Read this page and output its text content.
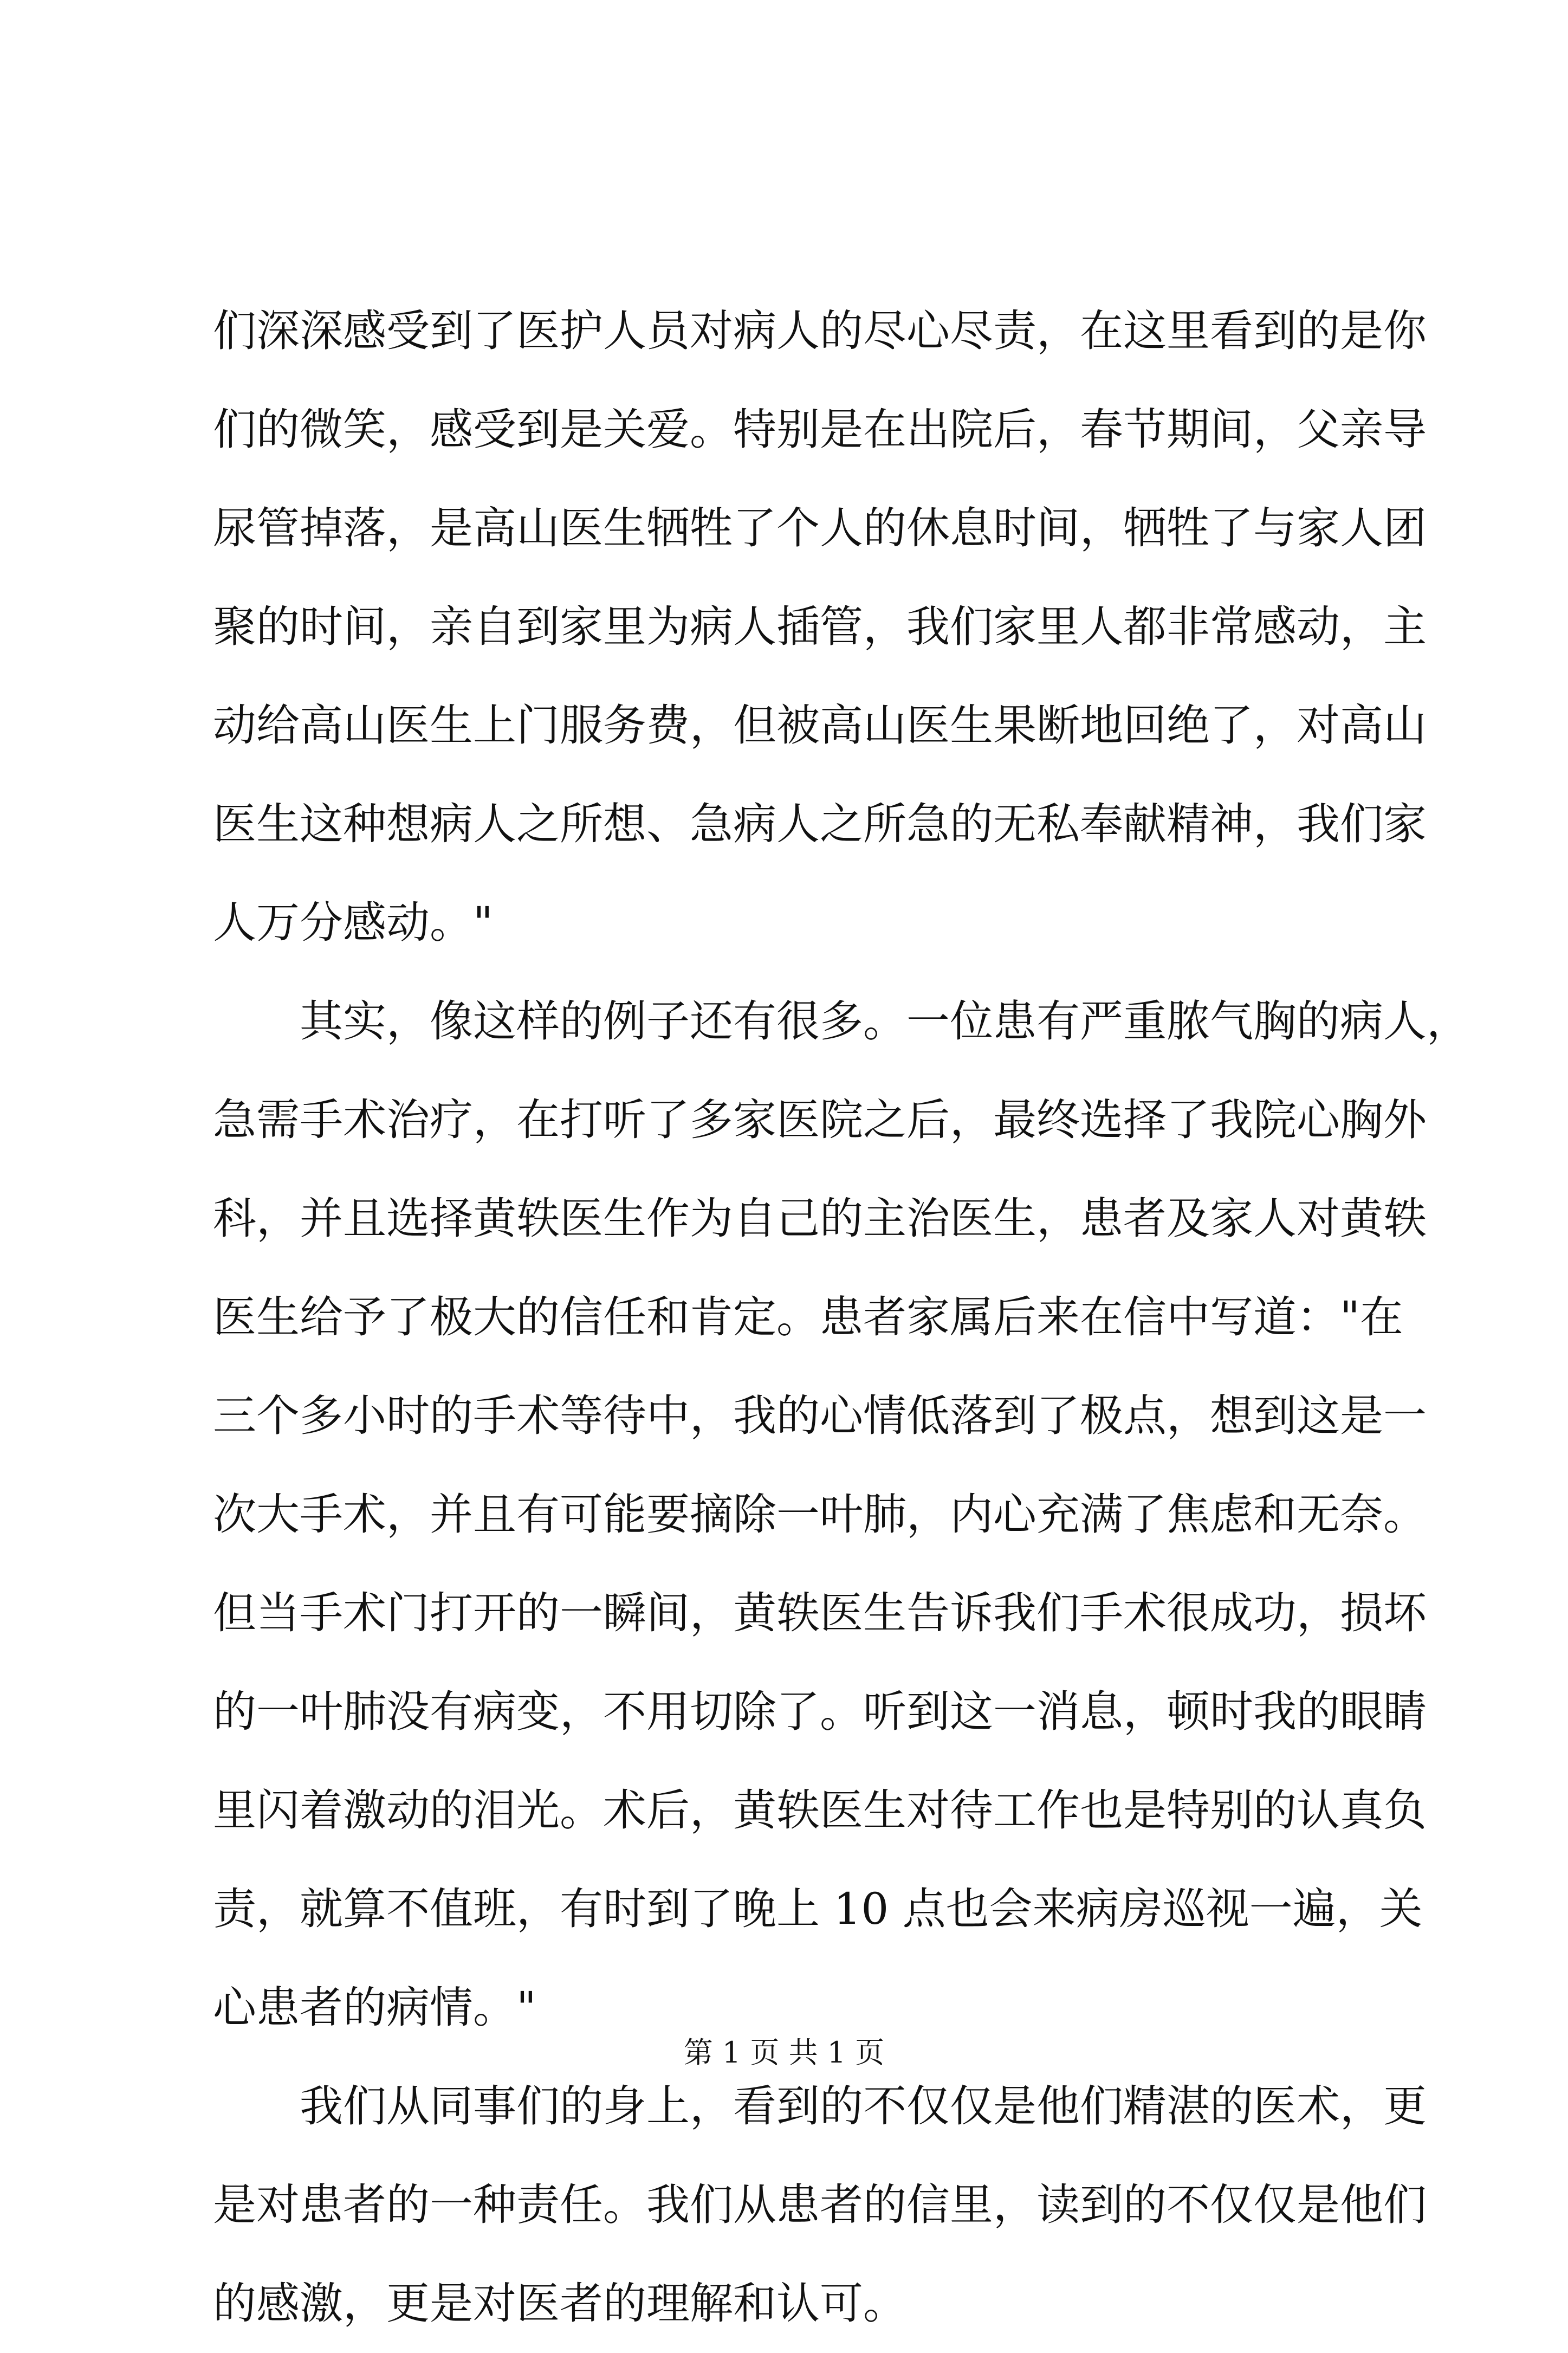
们深深感受到了医护人员对病人的尽心尽责，在这里看到的是你
们的微笑，感受到是关爱。特别是在出院后，春节期间，父亲导
尿管掉落，是高山医生牺牲了个人的休息时间，牺牲了与家人团
聚的时间，亲自到家里为病人插管，我们家里人都非常感动，主
动给高山医生上门服务费，但被高山医生果断地回绝了，对高山
医生这种想病人之所想、急病人之所急的无私奉献精神，我们家
人万分感动。"
其实，像这样的例子还有很多。一位患有严重脓气胸的病人，
急需手术治疗，在打听了多家医院之后，最终选择了我院心胸外
科，并且选择黄轶医生作为自己的主治医生，患者及家人对黄轶
医生给予了极大的信任和肯定。患者家属后来在信中写道："在
三个多小时的手术等待中，我的心情低落到了极点，想到这是一
次大手术，并且有可能要摘除一叶肺，内心充满了焦虑和无奈。
但当手术门打开的一瞬间，黄轶医生告诉我们手术很成功，损坏
的一叶肺没有病变，不用切除了。听到这一消息，顿时我的眼睛
里闪着激动的泪光。术后，黄轶医生对待工作也是特别的认真负
责，就算不值班，有时到了晚上 10 点也会来病房巡视一遍，关
心患者的病情。"
我们从同事们的身上，看到的不仅仅是他们精湛的医术，更
是对患者的一种责任。我们从患者的信里，读到的不仅仅是他们
的感激，更是对医者的理解和认可。
第 1 页 共 1 页
